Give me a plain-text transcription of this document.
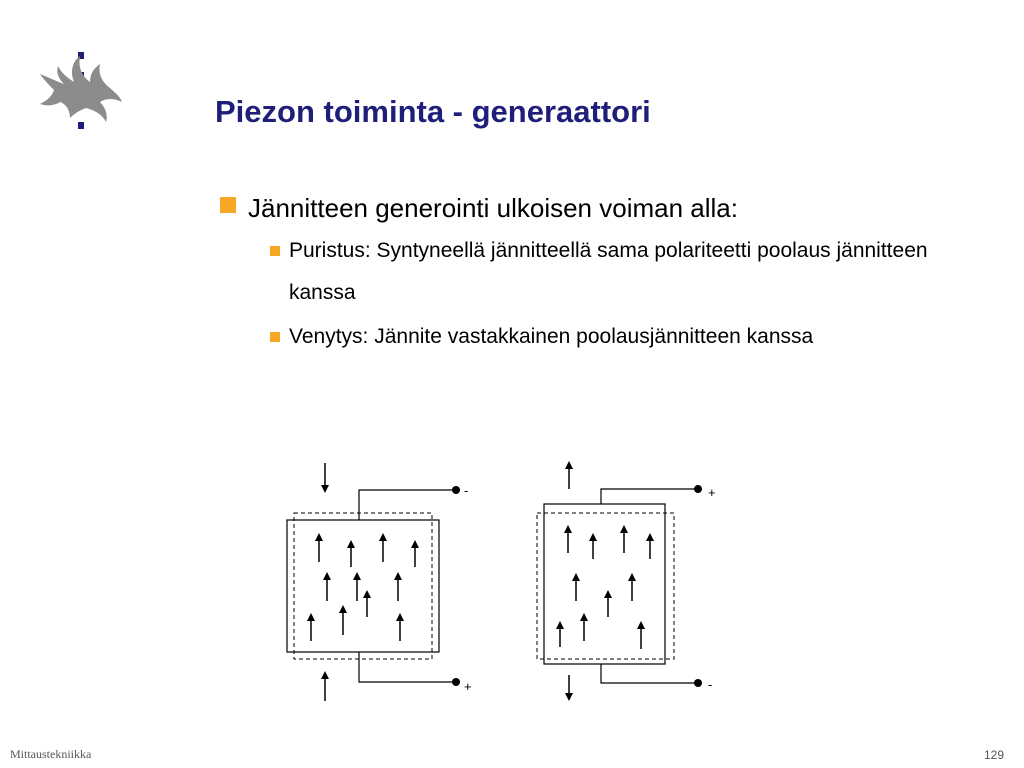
Piezon toiminta - generaattori
Jännitteen generointi ulkoisen voiman alla:
Puristus: Syntyneellä jännitteellä sama polariteetti poolaus jännitteen kanssa
Venytys: Jännite vastakkainen poolausjännitteen kanssa
-
+
+
-
Mittaustekniikka	129
